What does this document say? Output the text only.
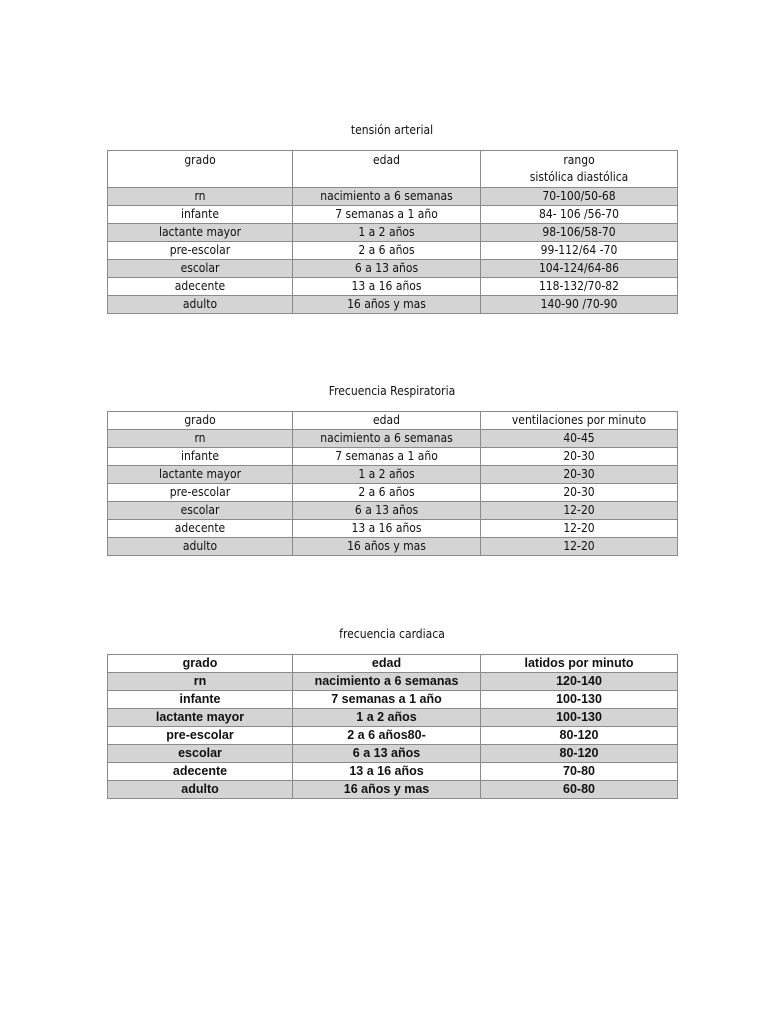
tensión arterial
grado	edad	rango
sistólica diastólica

rn	nacimiento a 6 semanas	70-100/50-68
infante	7 semanas a 1 año	84- 106 /56-70
lactante mayor	1 a 2 años	98-106/58-70
pre-escolar	2 a 6 años	99-112/64 -70
escolar	6 a 13 años	104-124/64-86
adecente	13 a 16 años	118-132/70-82
adulto	16 años y mas	140-90 /70-90
Frecuencia Respiratoria
grado	edad	ventilaciones por minuto
rn	nacimiento a 6 semanas	40-45
infante	7 semanas a 1 año	20-30
lactante mayor	1 a 2 años	20-30
pre-escolar	2 a 6 años	20-30
escolar	6 a 13 años	12-20
adecente	13 a 16 años	12-20
adulto	16 años y mas	12-20
frecuencia cardiaca
grado	edad	latidos por minuto
rn	nacimiento a 6 semanas	120-140
infante	7 semanas a 1 año	100-130
lactante mayor	1 a 2 años	100-130
pre-escolar	2 a 6 años80-	80-120
escolar	6 a 13 años	80-120
adecente	13 a 16 años	70-80
adulto	16 años y mas	60-80
